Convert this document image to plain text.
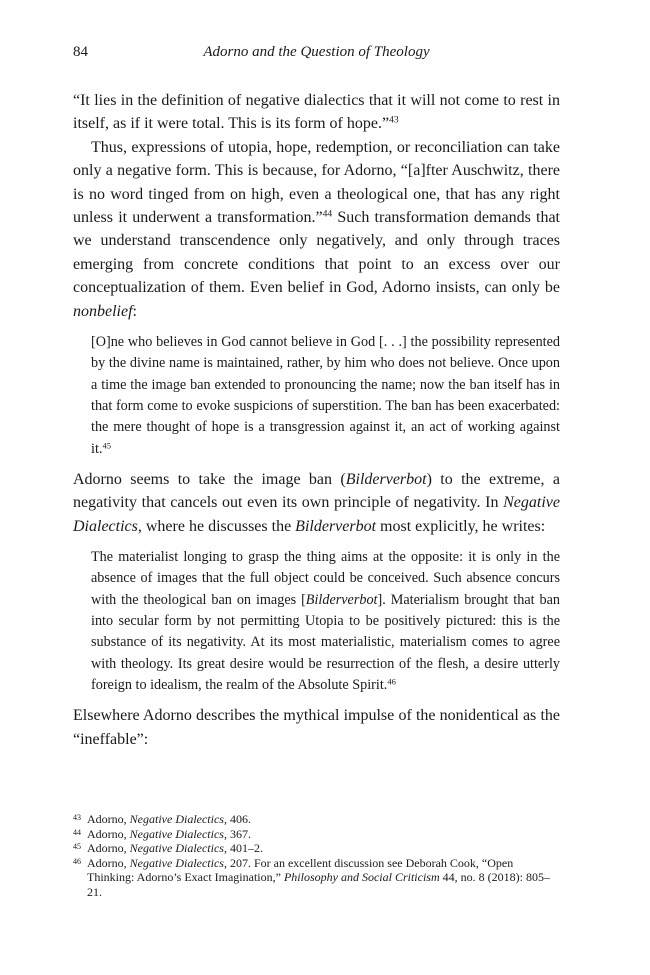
84	Adorno and the Question of Theology

“It lies in the definition of negative dialectics that it will not come to rest in itself, as if it were total. This is its form of hope.”$^{43}$

Thus, expressions of utopia, hope, redemption, or reconciliation can take only a negative form. This is because, for Adorno, “[a]fter Auschwitz, there is no word tinged from on high, even a theological one, that has any right unless it underwent a transformation.”$^{44}$ Such transformation demands that we understand transcendence only negatively, and only through traces emerging from concrete conditions that point to an excess over our conceptualization of them. Even belief in God, Adorno insists, can only be nonbelief:

[O]ne who believes in God cannot believe in God [. . .] the possibility represented by the divine name is maintained, rather, by him who does not believe. Once upon a time the image ban extended to pronouncing the name; now the ban itself has in that form come to evoke suspicions of superstition. The ban has been exacerbated: the mere thought of hope is a transgression against it, an act of working against it.$^{45}$

Adorno seems to take the image ban (Bilderverbot) to the extreme, a negativity that cancels out even its own principle of negativity. In Negative Dialectics, where he discusses the Bilderverbot most explicitly, he writes:

The materialist longing to grasp the thing aims at the opposite: it is only in the absence of images that the full object could be conceived. Such absence concurs with the theological ban on images [Bilderverbot]. Materialism brought that ban into secular form by not permitting Utopia to be positively pictured: this is the substance of its negativity. At its most materialistic, materialism comes to agree with theology. Its great desire would be resurrection of the flesh, a desire utterly foreign to idealism, the realm of the Absolute Spirit.$^{46}$

Elsewhere Adorno describes the mythical impulse of the nonidentical as the “ineffable”:

43 Adorno, Negative Dialectics, 406.
44 Adorno, Negative Dialectics, 367.
45 Adorno, Negative Dialectics, 401–2.
46 Adorno, Negative Dialectics, 207. For an excellent discussion see Deborah Cook, “Open Thinking: Adorno’s Exact Imagination,” Philosophy and Social Criticism 44, no. 8 (2018): 805–21.
